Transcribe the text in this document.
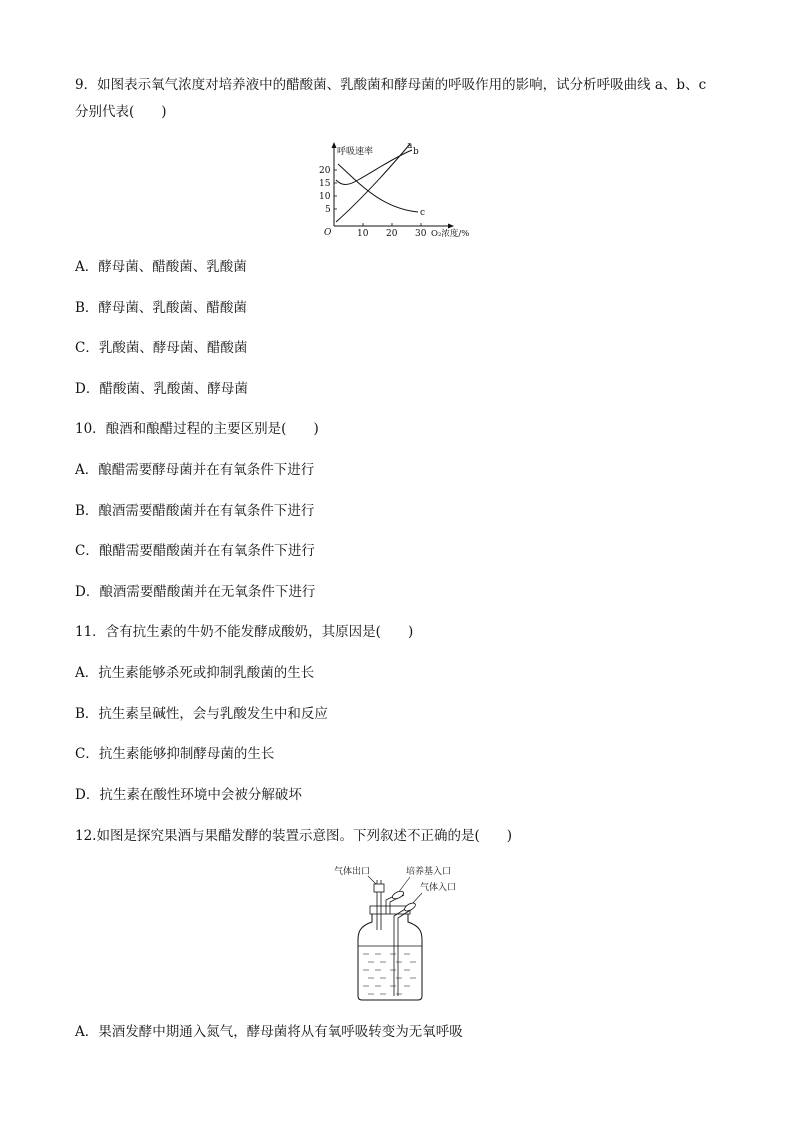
9．如图表示氧气浓度对培养液中的醋酸菌、乳酸菌和酵母菌的呼吸作用的影响，试分析呼吸曲线 a、b、c
分别代表(　　)
呼吸速率
a
b
c
20
15
10
5
O	10 20 30 O₂浓度/%
A．酵母菌、醋酸菌、乳酸菌
B．酵母菌、乳酸菌、醋酸菌
C．乳酸菌、酵母菌、醋酸菌
D．醋酸菌、乳酸菌、酵母菌
10．酿酒和酿醋过程的主要区别是(　　)
A．酿醋需要酵母菌并在有氧条件下进行
B．酿酒需要醋酸菌并在有氧条件下进行
C．酿醋需要醋酸菌并在有氧条件下进行
D．酿酒需要醋酸菌并在无氧条件下进行
11．含有抗生素的牛奶不能发酵成酸奶，其原因是(　　)
A．抗生素能够杀死或抑制乳酸菌的生长
B．抗生素呈碱性，会与乳酸发生中和反应
C．抗生素能够抑制酵母菌的生长
D．抗生素在酸性环境中会被分解破坏
12.如图是探究果酒与果醋发酵的装置示意图。下列叙述不正确的是(　　)
气体出口	培养基入口
气体入口
A．果酒发酵中期通入氮气，酵母菌将从有氧呼吸转变为无氧呼吸
